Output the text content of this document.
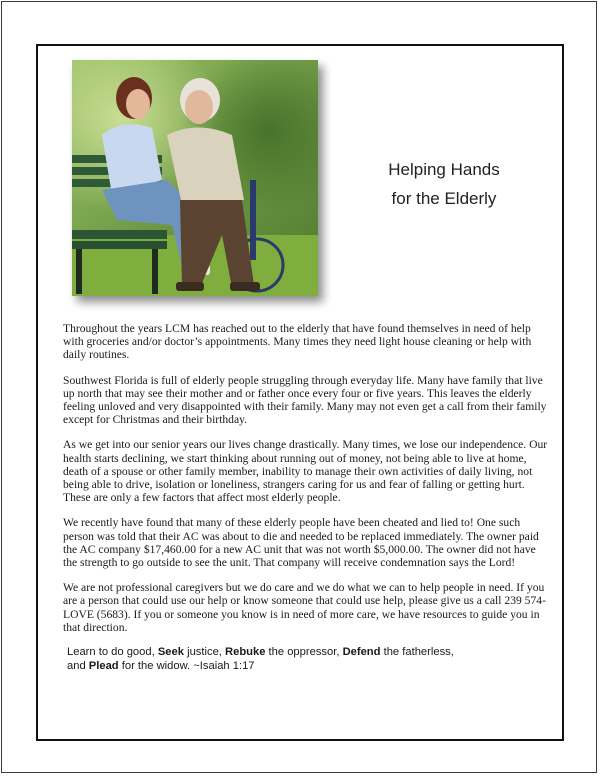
Helping Hands
for the Elderly

Throughout the years LCM has reached out to the elderly that have found themselves in need of help with groceries and/or doctor’s appointments. Many times they need light house cleaning or help with daily routines.

Southwest Florida is full of elderly people struggling through everyday life. Many have family that live up north that may see their mother and or father once every four or five years. This leaves the elderly feeling unloved and very disappointed with their family. Many may not even get a call from their family except for Christmas and their birthday.

As we get into our senior years our lives change drastically. Many times, we lose our independence. Our health starts declining, we start thinking about running out of money, not being able to live at home, death of a spouse or other family member, inability to manage their own activities of daily living, not being able to drive, isolation or loneliness, strangers caring for us and fear of falling or getting hurt. These are only a few factors that affect most elderly people.

We recently have found that many of these elderly people have been cheated and lied to! One such person was told that their AC was about to die and needed to be replaced immediately. The owner paid the AC company $17,460.00 for a new AC unit that was not worth $5,000.00. The owner did not have the strength to go outside to see the unit. That company will receive condemnation says the Lord!

We are not professional caregivers but we do care and we do what we can to help people in need. If you are a person that could use our help or know someone that could use help, please give us a call 239 574-LOVE (5683). If you or someone you know is in need of more care, we have resources to guide you in that direction.

Learn to do good, Seek justice, Rebuke the oppressor, Defend the fatherless,
and Plead for the widow. ~Isaiah 1:17
